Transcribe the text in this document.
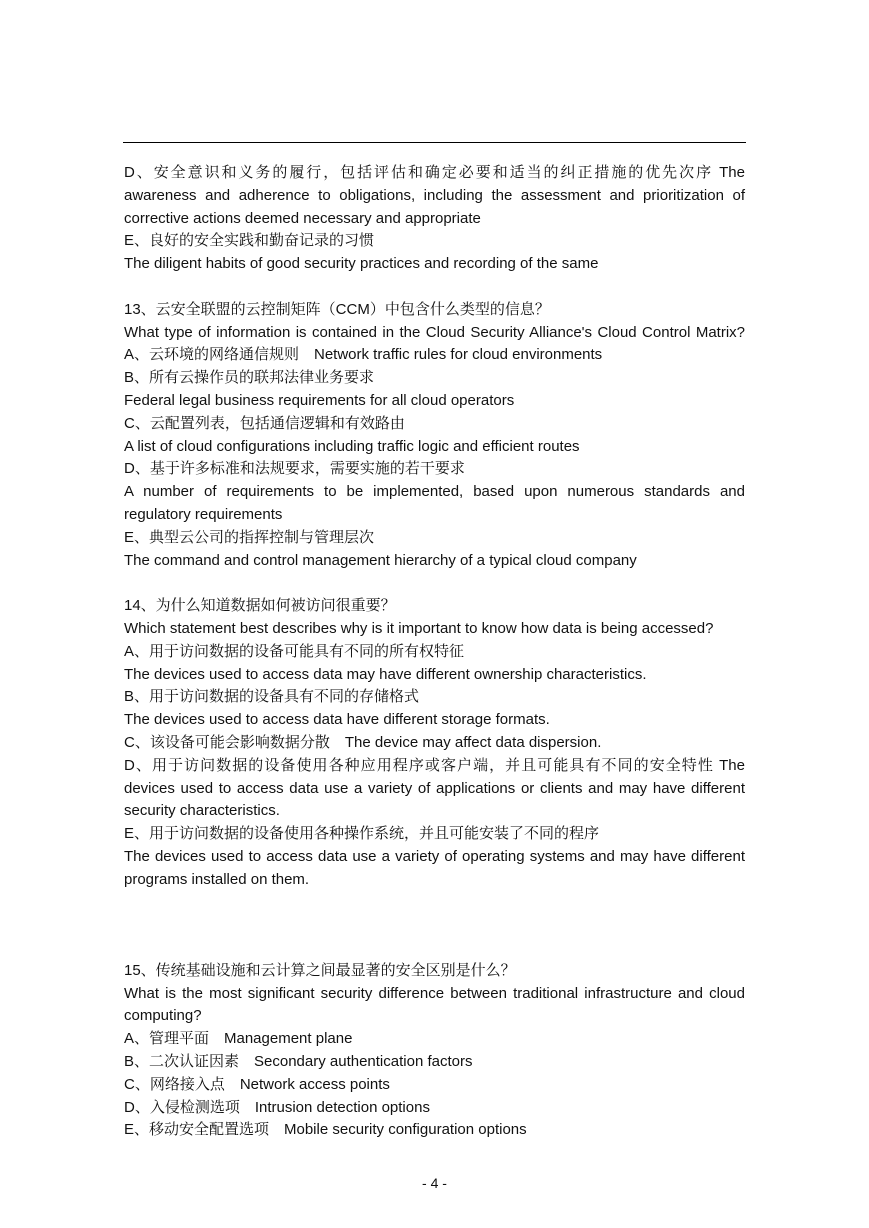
D、安全意识和义务的履行，包括评估和确定必要和适当的纠正措施的优先次序 The
awareness and adherence to obligations, including the assessment and prioritization of
corrective actions deemed necessary and appropriate
E、良好的安全实践和勤奋记录的习惯
The diligent habits of good security practices and recording of the same
13、云安全联盟的云控制矩阵（CCM）中包含什么类型的信息？
What type of information is contained in the Cloud Security Alliance's Cloud Control Matrix?
A、云环境的网络通信规则　Network traffic rules for cloud environments
B、所有云操作员的联邦法律业务要求
Federal legal business requirements for all cloud operators
C、云配置列表，包括通信逻辑和有效路由
A list of cloud configurations including traffic logic and efficient routes
D、基于许多标准和法规要求，需要实施的若干要求
A number of requirements to be implemented, based upon numerous standards and
regulatory requirements
E、典型云公司的指挥控制与管理层次
The command and control management hierarchy of a typical cloud company
14、为什么知道数据如何被访问很重要？
Which statement best describes why is it important to know how data is being accessed?
A、用于访问数据的设备可能具有不同的所有权特征
The devices used to access data may have different ownership characteristics.
B、用于访问数据的设备具有不同的存储格式
The devices used to access data have different storage formats.
C、该设备可能会影响数据分散　The device may affect data dispersion.
D、用于访问数据的设备使用各种应用程序或客户端，并且可能具有不同的安全特性 The
devices used to access data use a variety of applications or clients and may have different
security characteristics.
E、用于访问数据的设备使用各种操作系统，并且可能安装了不同的程序
The devices used to access data use a variety of operating systems and may have different
programs installed on them.
15、传统基础设施和云计算之间最显著的安全区别是什么？
What is the most significant security difference between traditional infrastructure and cloud
computing?
A、管理平面　Management plane
B、二次认证因素　Secondary authentication factors
C、网络接入点　Network access points
D、入侵检测选项　Intrusion detection options
E、移动安全配置选项　Mobile security configuration options
- 4 -
